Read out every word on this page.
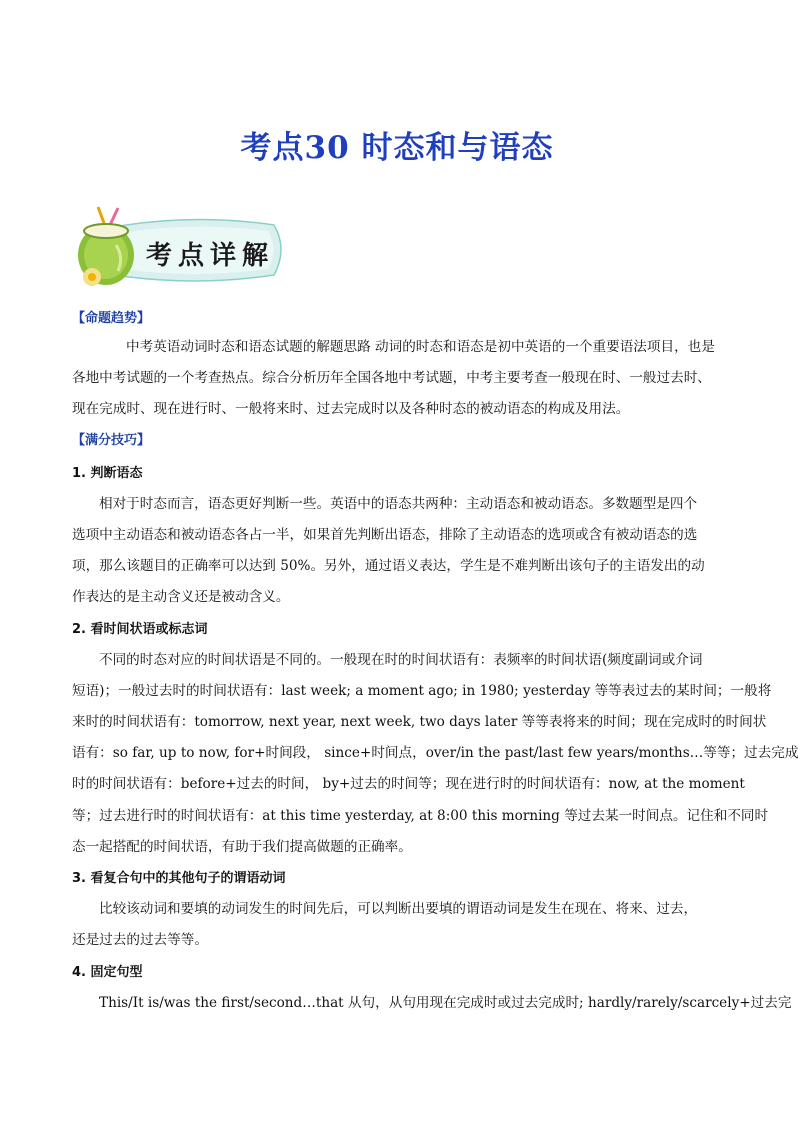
考点30 时态和与语态
考点详解
【命题趋势】
中考英语动词时态和语态试题的解题思路 动词的时态和语态是初中英语的一个重要语法项目，也是
各地中考试题的一个考查热点。综合分析历年全国各地中考试题，中考主要考查一般现在时、一般过去时、
现在完成时、现在进行时、一般将来时、过去完成时以及各种时态的被动语态的构成及用法。
【满分技巧】
1. 判断语态
相对于时态而言，语态更好判断一些。英语中的语态共两种：主动语态和被动语态。多数题型是四个
选项中主动语态和被动语态各占一半，如果首先判断出语态，排除了主动语态的选项或含有被动语态的选
项，那么该题目的正确率可以达到 50%。另外，通过语义表达，学生是不难判断出该句子的主语发出的动
作表达的是主动含义还是被动含义。
2. 看时间状语或标志词
不同的时态对应的时间状语是不同的。一般现在时的时间状语有：表频率的时间状语(频度副词或介词
短语)；一般过去时的时间状语有：last week; a moment ago; in 1980; yesterday 等等表过去的某时间；一般将
来时的时间状语有：tomorrow, next year, next week, two days later 等等表将来的时间；现在完成时的时间状
语有：so far, up to now, for+时间段， since+时间点，over/in the past/last few years/months…等等；过去完成
时的时间状语有：before+过去的时间， by+过去的时间等；现在进行时的时间状语有：now, at the moment
等；过去进行时的时间状语有：at this time yesterday, at 8:00 this morning 等过去某一时间点。记住和不同时
态一起搭配的时间状语，有助于我们提高做题的正确率。
3. 看复合句中的其他句子的谓语动词
比较该动词和要填的动词发生的时间先后，可以判断出要填的谓语动词是发生在现在、将来、过去，
还是过去的过去等等。
4. 固定句型
This/It is/was the first/second…that 从句，从句用现在完成时或过去完成时; hardly/rarely/scarcely+过去完
